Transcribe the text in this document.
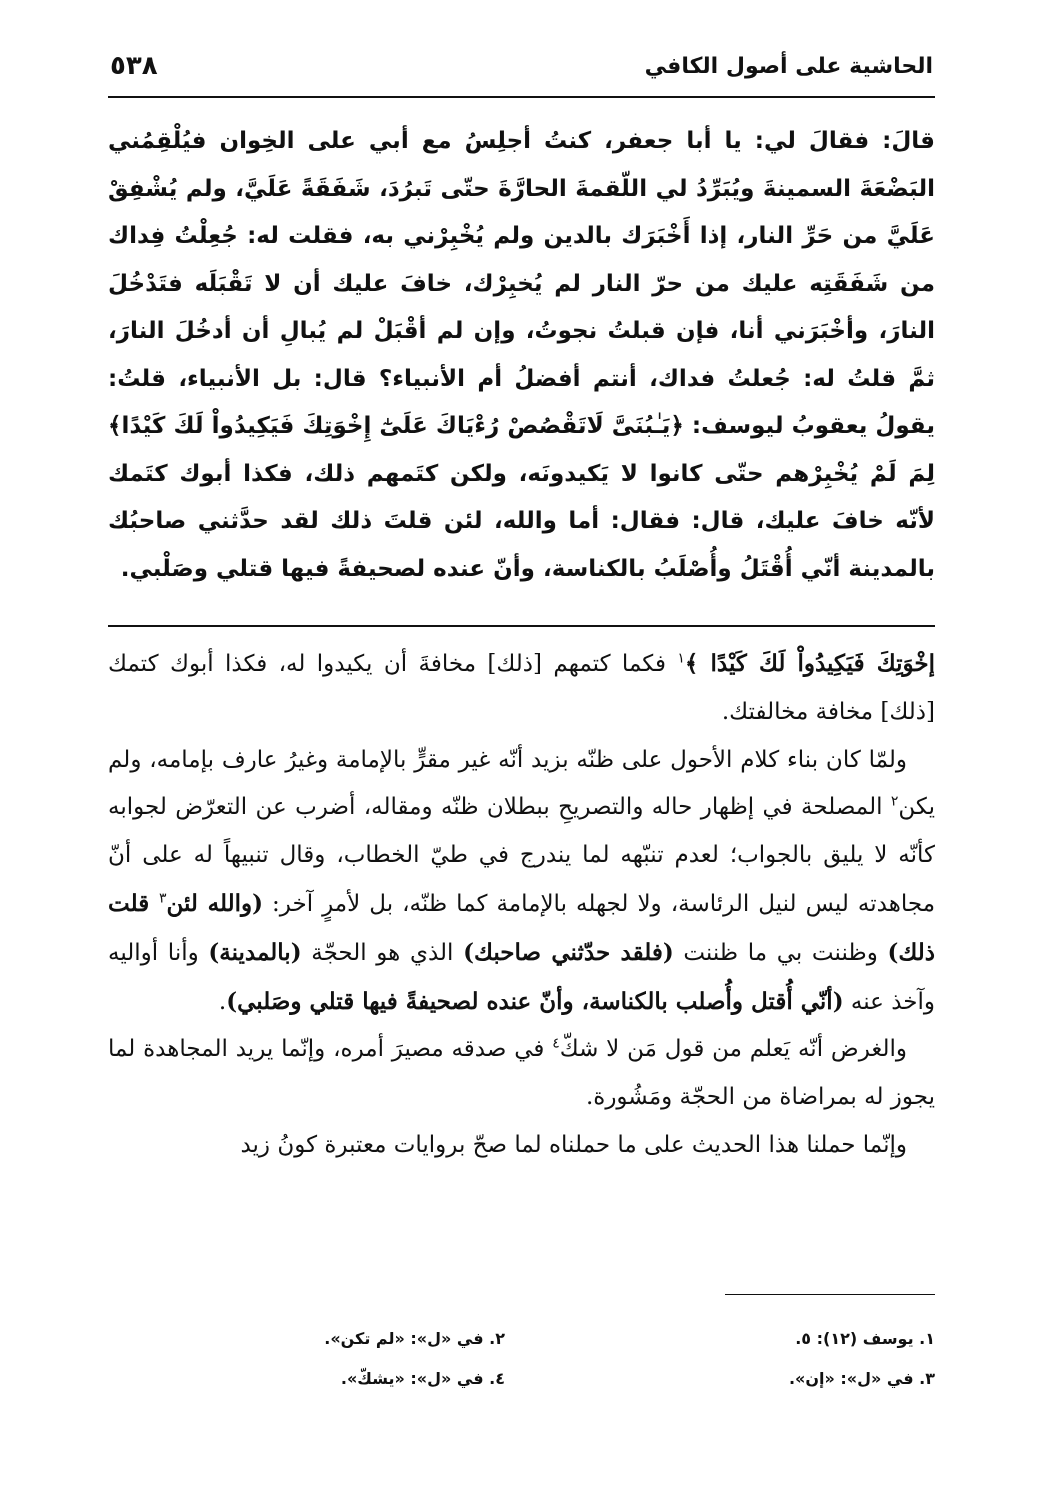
الحاشية على أصول الكافي
٥٣٨

قالَ: فقالَ لي: يا أبا جعفر، كنتُ أجلِسُ مع أبي على الخِوان فيُلْقِمُني البَضْعَةَ السمينةَ ويُبَرِّدُ لي اللّقمةَ الحارَّةَ حتّى تَبرُدَ، شَفَقَةً عَلَيَّ، ولم يُشْفِقْ عَلَيَّ من حَرِّ النار، إذا أَخْبَرَك بالدين ولم يُخْبِرْني به، فقلت له: جُعِلْتُ فِداك من شَفَقَتِه عليك من حرّ النار لم يُخبِرْك، خافَ عليك أن لا تَقْبَلَه فتَدْخُلَ النارَ، وأخْبَرَني أنا، فإن قبلتُ نجوتُ، وإن لم أقْبَلْ لم يُبالِ أن أدخُلَ النارَ، ثمَّ قلتُ له: جُعلتُ فداك، أنتم أفضلُ أم الأنبياء؟ قال: بل الأنبياء، قلتُ: يقولُ يعقوبُ ليوسف: ﴿يَـٰبُنَىَّ لَاتَقْصُصْ رُءْيَاكَ عَلَىٰٓ إِخْوَتِكَ فَيَكِيدُواْ لَكَ كَيْدًا﴾ لِمَ لَمْ يُخْبِرْهم حتّى كانوا لا يَكيدونَه، ولكن كتَمهم ذلك، فكذا أبوك كتَمك لأنّه خافَ عليك، قال: فقال: أما والله، لئن قلتَ ذلك لقد حدَّثني صاحبُك بالمدينة أنّي أُقْتَلُ وأُصْلَبُ بالكناسة، وأنّ عنده لصحيفةً فيها قتلي وصَلْبي.

إخْوَتِكَ فَيَكِيدُواْ لَكَ كَيْدًا ﴾$^١$ فكما كتمهم [ذلك] مخافةَ أن يكيدوا له، فكذا أبوك كتمك [ذلك] مخافة مخالفتك.

ولمّا كان بناء كلام الأحول على ظنّه بزيد أنّه غير مقرٍّ بالإمامة وغيرُ عارف بإمامه، ولم يكن$^٢$ المصلحة في إظهار حاله والتصريحِ ببطلان ظنّه ومقاله، أضرب عن التعرّض لجوابه كأنّه لا يليق بالجواب؛ لعدم تنبّهه لما يندرج في طيّ الخطاب، وقال تنبيهاً له على أنّ مجاهدته ليس لنيل الرئاسة، ولا لجهله بالإمامة كما ظنّه، بل لأمرٍ آخر: (والله لئن$^٣$ قلت ذلك) وظننت بي ما ظننت (فلقد حدّثني صاحبك) الذي هو الحجّة (بالمدينة) وأنا أواليه وآخذ عنه (أنّي أُقتل وأُصلب بالكناسة، وأنّ عنده لصحيفةً فيها قتلي وصَلبي).

والغرض أنّه يَعلم من قول مَن لا شكّ$^٤$ في صدقه مصيرَ أمره، وإنّما يريد المجاهدة لما يجوز له بمراضاة من الحجّة ومَشُورة.

وإنّما حملنا هذا الحديث على ما حملناه لما صحّ بروايات معتبرة كونُ زيد

١. يوسف (١٢): ٥.
٢. في «ل»: «لم تكن».
٣. في «ل»: «إن».
٤. في «ل»: «يشكّ».
